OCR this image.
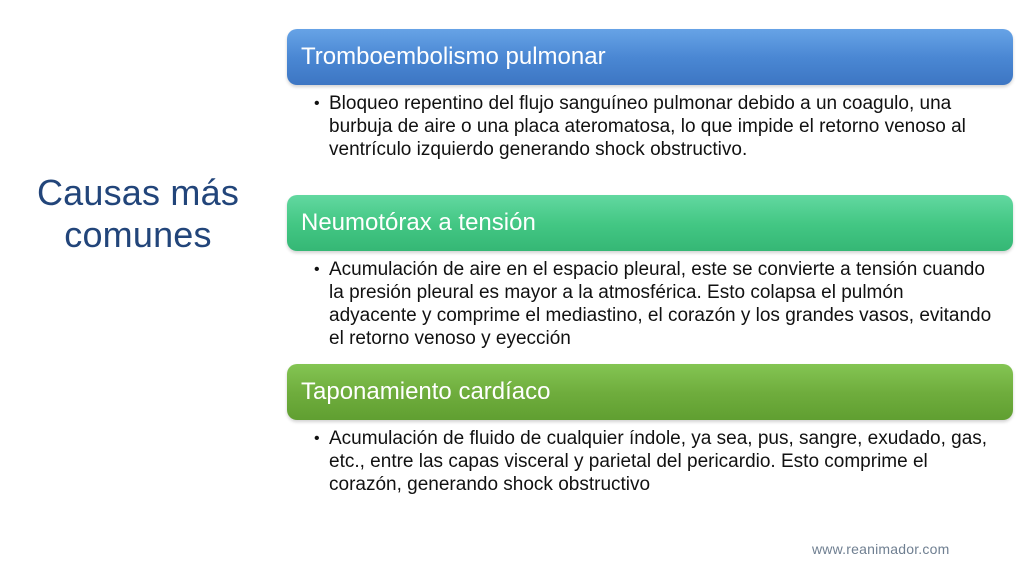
Causas más comunes
Tromboembolismo pulmonar
• Bloqueo repentino del flujo sanguíneo pulmonar debido a un coagulo, una burbuja de aire o una placa ateromatosa, lo que impide el retorno venoso al ventrículo izquierdo generando shock obstructivo.
Neumotórax a tensión
• Acumulación de aire en el espacio pleural, este se convierte a tensión cuando la presión pleural es mayor a la atmosférica. Esto colapsa el pulmón adyacente y comprime el mediastino, el corazón y los grandes vasos, evitando el retorno venoso y eyección
Taponamiento cardíaco
• Acumulación de fluido de cualquier índole, ya sea, pus, sangre, exudado, gas, etc., entre las capas visceral y parietal del pericardio. Esto comprime el corazón, generando shock obstructivo
www.reanimador.com
